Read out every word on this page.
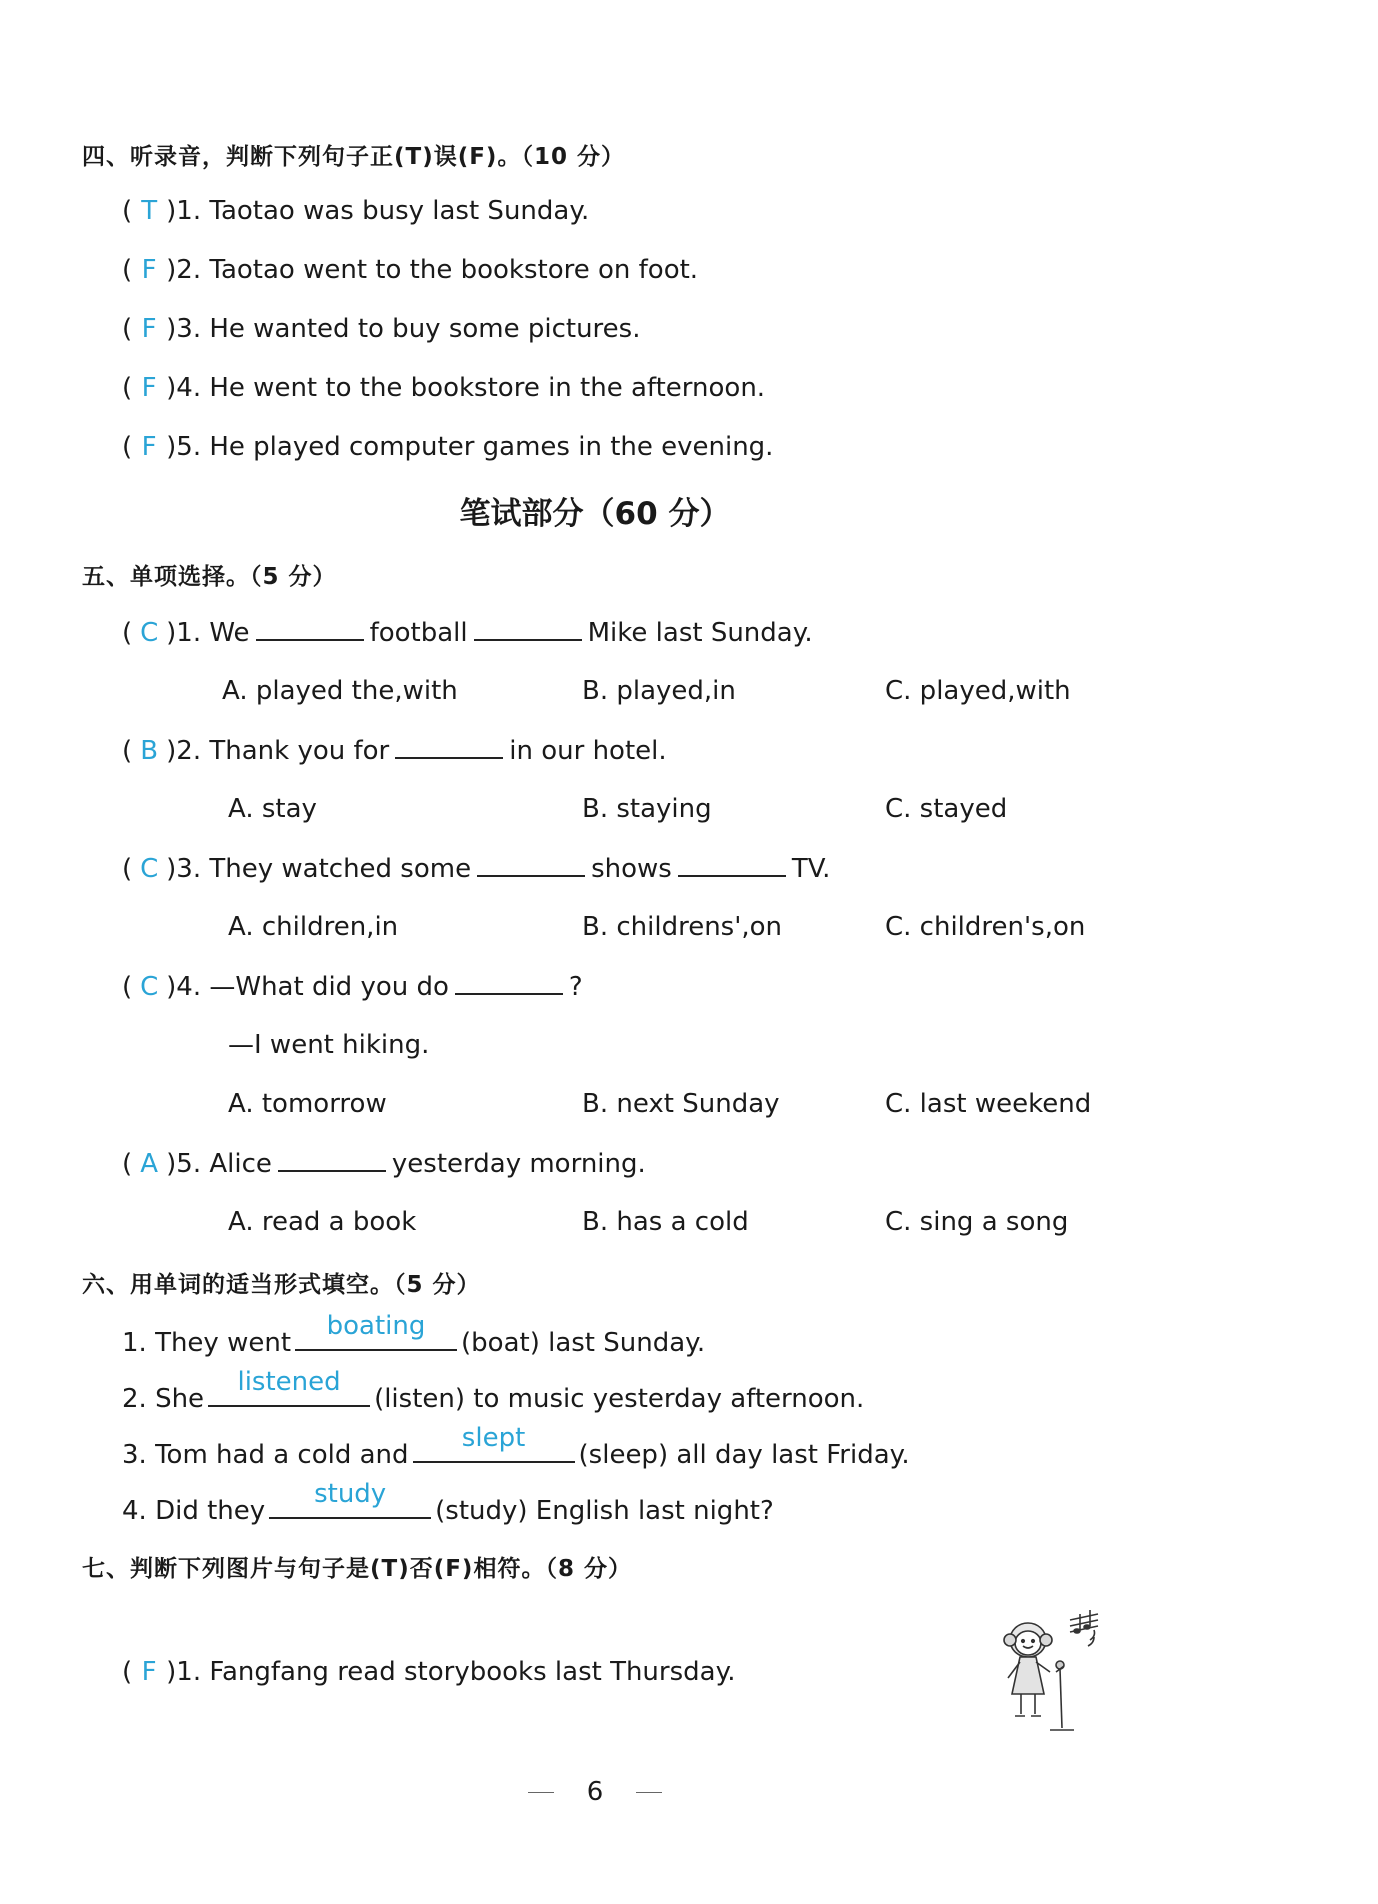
四、听录音，判断下列句子正(T)误(F)。（10 分）
( T )1. Taotao was busy last Sunday.
( F )2. Taotao went to the bookstore on foot.
( F )3. He wanted to buy some pictures.
( F )4. He went to the bookstore in the afternoon.
( F )5. He played computer games in the evening.
笔试部分（60 分）
五、单项选择。（5 分）
( C )1. We	football	Mike last Sunday.
A. played the,with	B. played,in	C. played,with
( B )2. Thank you for	in our hotel.
A. stay	B. staying	C. stayed
( C )3. They watched some	shows	TV.
A. children,in	B. childrens',on	C. children's,on
( C )4. —What did you do	?
—I went hiking.
A. tomorrow	B. next Sunday	C. last weekend
( A )5. Alice	yesterday morning.
A. read a book	B. has a cold	C. sing a song
六、用单词的适当形式填空。（5 分）
1. They went
boating
(boat) last Sunday.
2. She
listened
(listen) to music yesterday afternoon.
3. Tom had a cold and
slept
(sleep) all day last Friday.
4. Did they
study
(study) English last night?
七、判断下列图片与句子是(T)否(F)相符。（8 分）
( F )1. Fangfang read storybooks last Thursday.
6
